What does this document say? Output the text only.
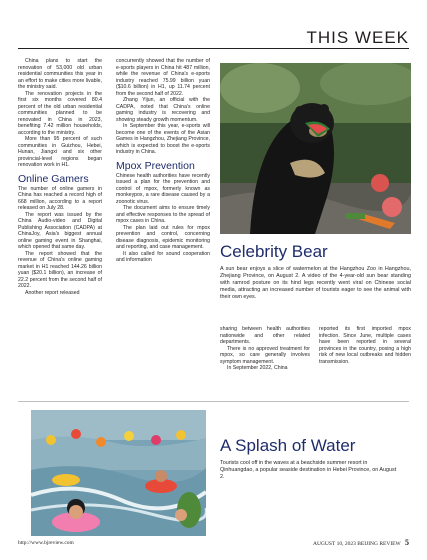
THIS WEEK

China plans to start the renovation of 53,000 old urban residential communities this year in an effort to make cities more livable, the ministry said.

The renovation projects in the first six months covered 80.4 percent of the old urban residential communities planned to be renovated in China in 2023, benefiting 7.42 million households, according to the ministry.

More than 95 percent of such communities in Guizhou, Hebei, Hunan, Jiangxi and six other provincial-level regions began renovation work in H1.

Online Gamers

The number of online gamers in China has reached a record high of 668 million, according to a report released on July 28.

The report was issued by the China Audio-video and Digital Publishing Association (CADPA) at ChinaJoy, Asia's biggest annual online gaming event in Shanghai, which opened that same day.

The report showed that the revenue of China's online gaming market in H1 reached 144.26 billion yuan ($20.1 billion), an increase of 22.2 percent from the second half of 2022.

Another report released

concurrently showed that the number of e-sports players in China hit 487 million, while the revenue of China's e-sports industry reached 75.99 billion yuan ($10.6 billion) in H1, up 11.74 percent from the second half of 2022.

Zhang Yijun, an official with the CADPA, noted that China's online gaming industry is recovering and showing steady growth momentum.

In September this year, e-sports will become one of the events of the Asian Games in Hangzhou, Zhejiang Province, which is expected to boost the e-sports industry in China.

Mpox Prevention

Chinese health authorities have recently issued a plan for the prevention and control of mpox, formerly known as monkeypox, a rare disease caused by a zoonotic virus.

The document aims to ensure timely and effective responses to the spread of mpox cases in China.

The plan laid out rules for mpox prevention and control, concerning disease diagnosis, epidemic monitoring and reporting, and case management.

It also called for sound cooperation and information	Celebrity Bear

A sun bear enjoys a slice of watermelon at the Hangzhou Zoo in Hangzhou, Zhejiang Province, on August 2. A video of the 4-year-old sun bear standing with ramrod posture on its hind legs recently went viral on Chinese social media, attracting an increased number of tourists eager to see the animal with their own eyes.

sharing between health authorities nationwide and other related departments.

There is no approved treatment for mpox, so care generally involves symptom management.

In September 2022, China

reported its first imported mpox infection. Since June, multiple cases have been reported in several provinces in the country, posing a high risk of new local outbreaks and hidden transmission.

A Splash of Water

Tourists cool off in the waves at a beachside summer resort in Qinhuangdao, a popular seaside destination in Hebei Province, on August 2.

http://www.bjreview.com	AUGUST 10, 2023 BEIJING REVIEW 5
